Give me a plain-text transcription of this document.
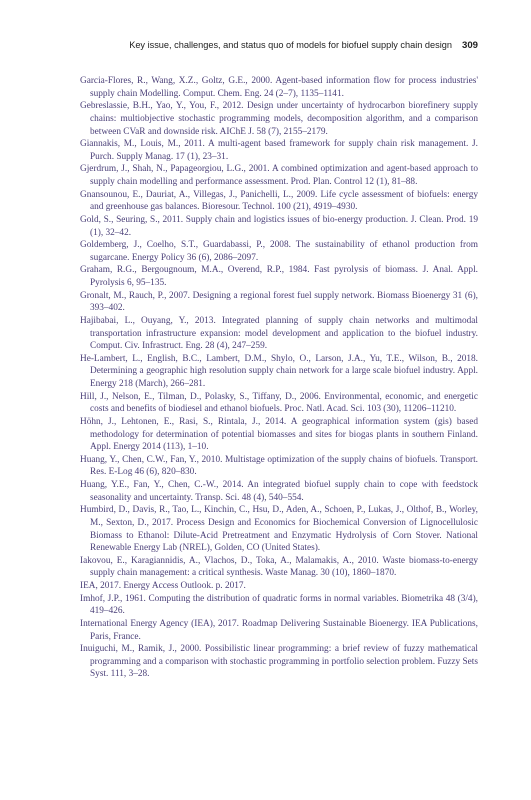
Key issue, challenges, and status quo of models for biofuel supply chain design 309
Garcia-Flores, R., Wang, X.Z., Goltz, G.E., 2000. Agent-based information flow for process industries' supply chain Modelling. Comput. Chem. Eng. 24 (2–7), 1135–1141.
Gebreslassie, B.H., Yao, Y., You, F., 2012. Design under uncertainty of hydrocarbon biorefinery supply chains: multiobjective stochastic programming models, decomposition algorithm, and a comparison between CVaR and downside risk. AIChE J. 58 (7), 2155–2179.
Giannakis, M., Louis, M., 2011. A multi-agent based framework for supply chain risk management. J. Purch. Supply Manag. 17 (1), 23–31.
Gjerdrum, J., Shah, N., Papageorgiou, L.G., 2001. A combined optimization and agent-based approach to supply chain modelling and performance assessment. Prod. Plan. Control 12 (1), 81–88.
Gnansounou, E., Dauriat, A., Villegas, J., Panichelli, L., 2009. Life cycle assessment of biofuels: energy and greenhouse gas balances. Bioresour. Technol. 100 (21), 4919–4930.
Gold, S., Seuring, S., 2011. Supply chain and logistics issues of bio-energy production. J. Clean. Prod. 19 (1), 32–42.
Goldemberg, J., Coelho, S.T., Guardabassi, P., 2008. The sustainability of ethanol production from sugarcane. Energy Policy 36 (6), 2086–2097.
Graham, R.G., Bergougnoum, M.A., Overend, R.P., 1984. Fast pyrolysis of biomass. J. Anal. Appl. Pyrolysis 6, 95–135.
Gronalt, M., Rauch, P., 2007. Designing a regional forest fuel supply network. Biomass Bioenergy 31 (6), 393–402.
Hajibabai, L., Ouyang, Y., 2013. Integrated planning of supply chain networks and multimodal transportation infrastructure expansion: model development and application to the biofuel industry. Comput. Civ. Infrastruct. Eng. 28 (4), 247–259.
He-Lambert, L., English, B.C., Lambert, D.M., Shylo, O., Larson, J.A., Yu, T.E., Wilson, B., 2018. Determining a geographic high resolution supply chain network for a large scale biofuel industry. Appl. Energy 218 (March), 266–281.
Hill, J., Nelson, E., Tilman, D., Polasky, S., Tiffany, D., 2006. Environmental, economic, and energetic costs and benefits of biodiesel and ethanol biofuels. Proc. Natl. Acad. Sci. 103 (30), 11206–11210.
Höhn, J., Lehtonen, E., Rasi, S., Rintala, J., 2014. A geographical information system (gis) based methodology for determination of potential biomasses and sites for biogas plants in southern Finland. Appl. Energy 2014 (113), 1–10.
Huang, Y., Chen, C.W., Fan, Y., 2010. Multistage optimization of the supply chains of biofuels. Transport. Res. E-Log 46 (6), 820–830.
Huang, Y.E., Fan, Y., Chen, C.-W., 2014. An integrated biofuel supply chain to cope with feedstock seasonality and uncertainty. Transp. Sci. 48 (4), 540–554.
Humbird, D., Davis, R., Tao, L., Kinchin, C., Hsu, D., Aden, A., Schoen, P., Lukas, J., Olthof, B., Worley, M., Sexton, D., 2017. Process Design and Economics for Biochemical Conversion of Lignocellulosic Biomass to Ethanol: Dilute-Acid Pretreatment and Enzymatic Hydrolysis of Corn Stover. National Renewable Energy Lab (NREL), Golden, CO (United States).
Iakovou, E., Karagiannidis, A., Vlachos, D., Toka, A., Malamakis, A., 2010. Waste biomass-to-energy supply chain management: a critical synthesis. Waste Manag. 30 (10), 1860–1870.
IEA, 2017. Energy Access Outlook. p. 2017.
Imhof, J.P., 1961. Computing the distribution of quadratic forms in normal variables. Biometrika 48 (3/4), 419–426.
International Energy Agency (IEA), 2017. Roadmap Delivering Sustainable Bioenergy. IEA Publications, Paris, France.
Inuiguchi, M., Ramik, J., 2000. Possibilistic linear programming: a brief review of fuzzy mathematical programming and a comparison with stochastic programming in portfolio selection problem. Fuzzy Sets Syst. 111, 3–28.
